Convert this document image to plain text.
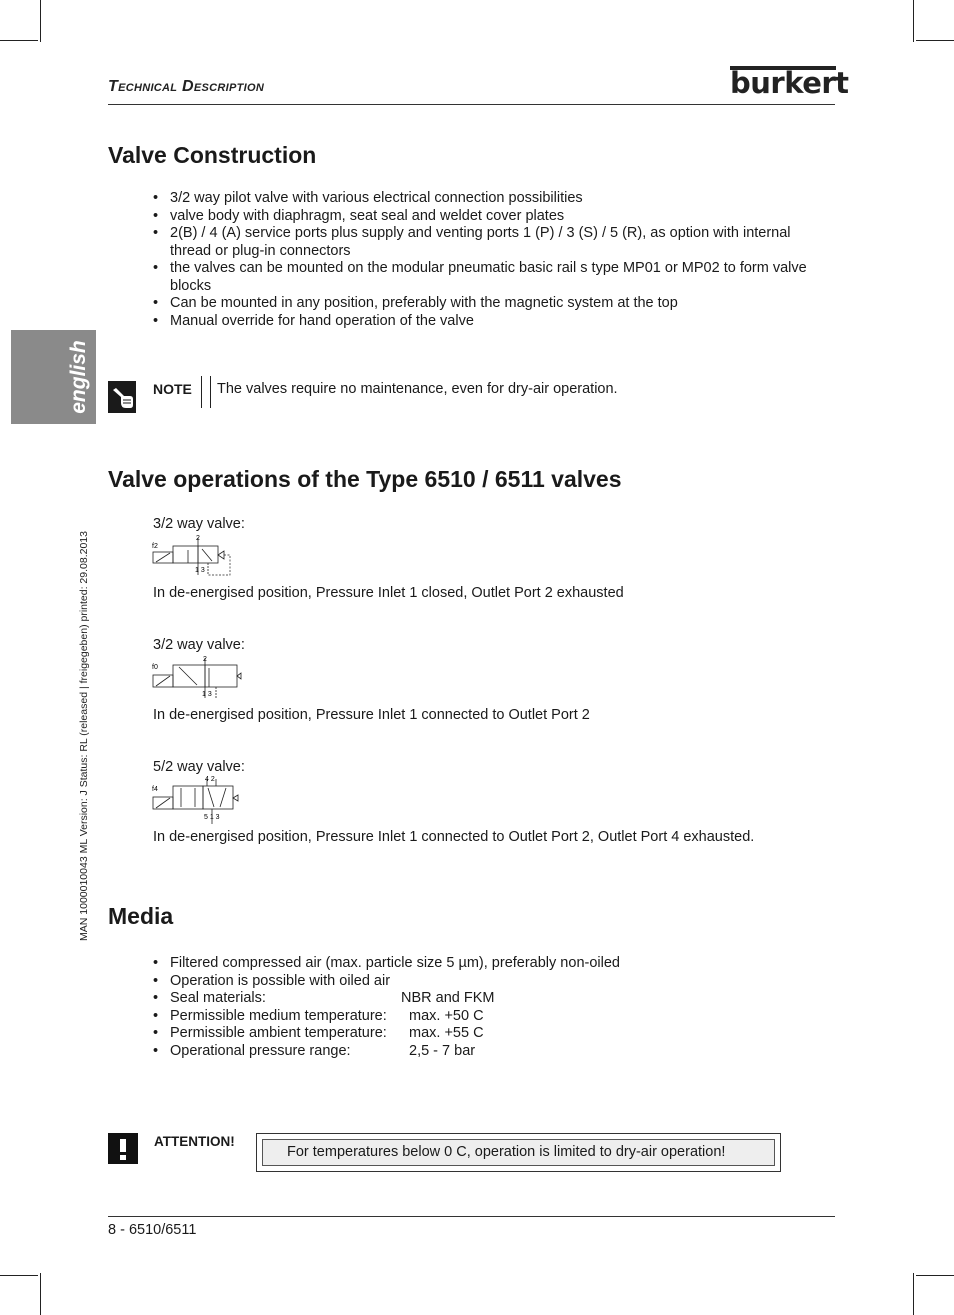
Technical Description	burkert
english
MAN 1000010043 ML Version: J Status: RL (released | freigegeben) printed: 29.08.2013
Valve Construction
• 3/2 way pilot valve with various electrical connection possibilities
• valve body with diaphragm, seat seal and weldet cover plates
• 2(B) / 4 (A) service ports plus supply and venting ports 1 (P) / 3 (S) / 5 (R), as option with internal
thread or plug-in connectors
• the valves can be mounted on the modular pneumatic basic rail s type MP01 or MP02 to form valve
blocks
• Can be mounted in any position, preferably with the magnetic system at the top
• Manual override for hand operation of the valve
NOTE The valves require no maintenance, even for dry-air operation.
Valve operations of the Type 6510 / 6511 valves
3/2 way valve:
f2
2
1 3
In de-energised position, Pressure Inlet 1 closed, Outlet Port 2 exhausted
3/2 way valve:
f0
2
1 3
In de-energised position, Pressure Inlet 1 connected to Outlet Port 2
5/2 way valve:
f4
4 2
5 1 3
In de-energised position, Pressure Inlet 1 connected to Outlet Port 2, Outlet Port 4 exhausted.
Media
• Filtered compressed air (max. particle size 5 µm), preferably non-oiled
• Operation is possible with oiled air
• Seal materials:	NBR and FKM
• Permissible medium temperature: max. +50 C
• Permissible ambient temperature: max. +55 C
• Operational pressure range:	2,5 - 7 bar
ATTENTION!
For temperatures below 0 C, operation is limited to dry-air operation!
8 - 6510/6511
